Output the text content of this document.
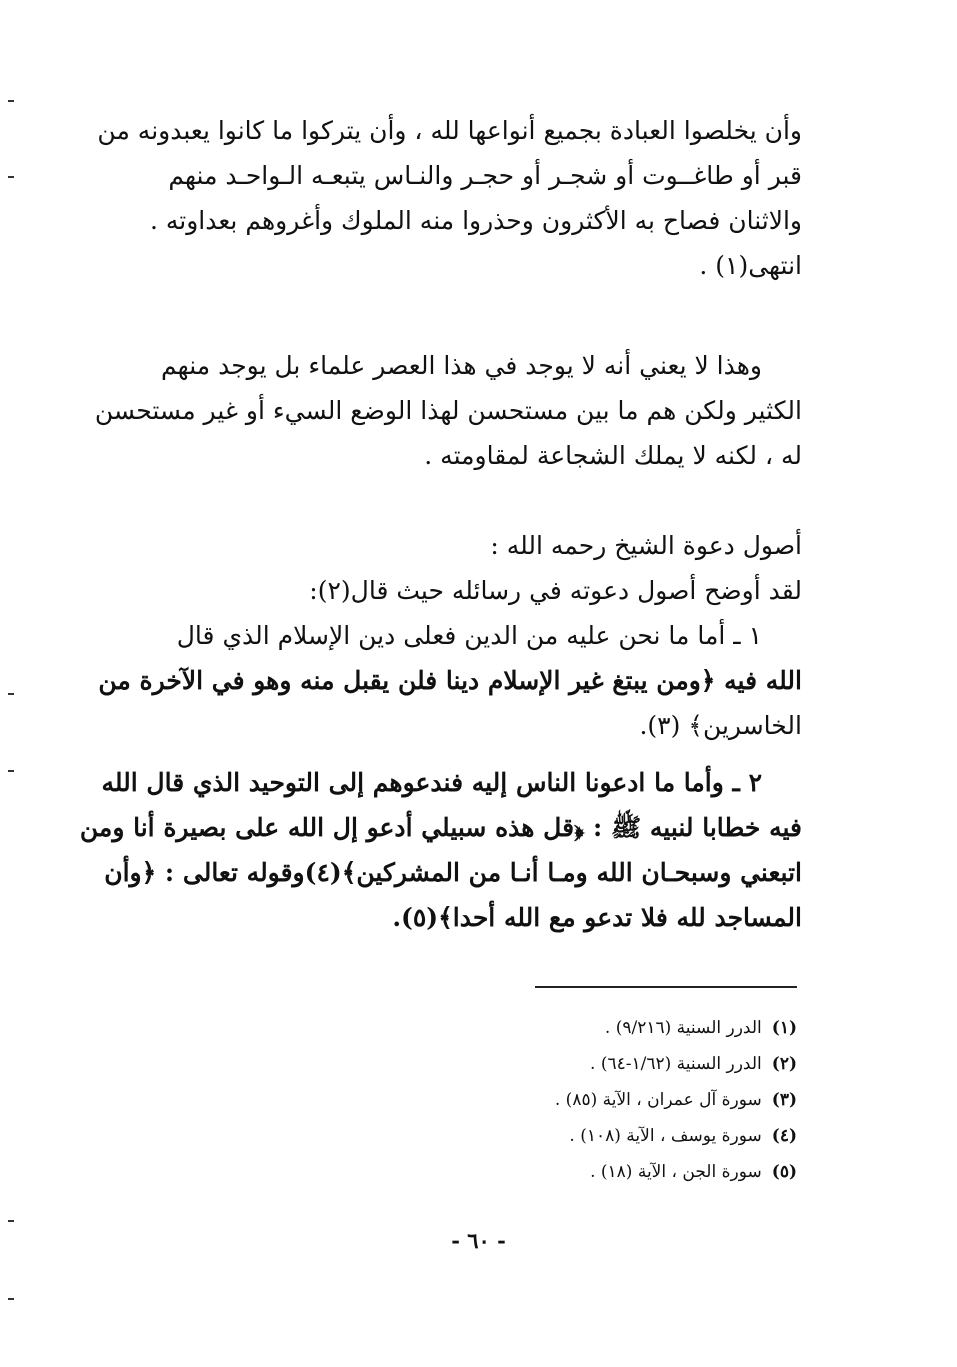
وأن يخلصوا العبادة بجميع أنواعها لله ، وأن يتركوا ما كانوا يعبدونه من
قبر أو طاغــوت أو شجـر أو حجـر والنـاس يتبعـه الـواحـد منهم
والاثنان فصاح به الأكثرون وحذروا منه الملوك وأغروهم بعداوته .
انتهى(١) .
وهذا لا يعني أنه لا يوجد في هذا العصر علماء بل يوجد منهم
الكثير ولكن هم ما بين مستحسن لهذا الوضع السيء أو غير مستحسن
له ، لكنه لا يملك الشجاعة لمقاومته .
أصول دعوة الشيخ رحمه الله :
لقد أوضح أصول دعوته في رسائله حيث قال(٢):
١ ـ أما ما نحن عليه من الدين فعلى دين الإسلام الذي قال
الله فيه ﴿ومن يبتغ غير الإسلام دينا فلن يقبل منه وهو في الآخرة من
الخاسرين﴾ (٣).
٢ ـ وأما ما ادعونا الناس إليه فندعوهم إلى التوحيد الذي قال الله
فيه خطابا لنبيه ﷺ : ﴿قل هذه سبيلي أدعو إل الله على بصيرة أنا ومن
اتبعني وسبحـان الله ومـا أنـا من المشركين﴾(٤)وقوله تعالى : ﴿وأن
المساجد لله فلا تدعو مع الله أحدا﴾(٥).
(١)الدرر السنية (٩/٢١٦) .
(٢)الدرر السنية (١/٦٢-٦٤) .
(٣)سورة آل عمران ، الآية (٨٥) .
(٤)سورة يوسف ، الآية (١٠٨) .
(٥)سورة الجن ، الآية (١٨) .
- ٦٠ -
